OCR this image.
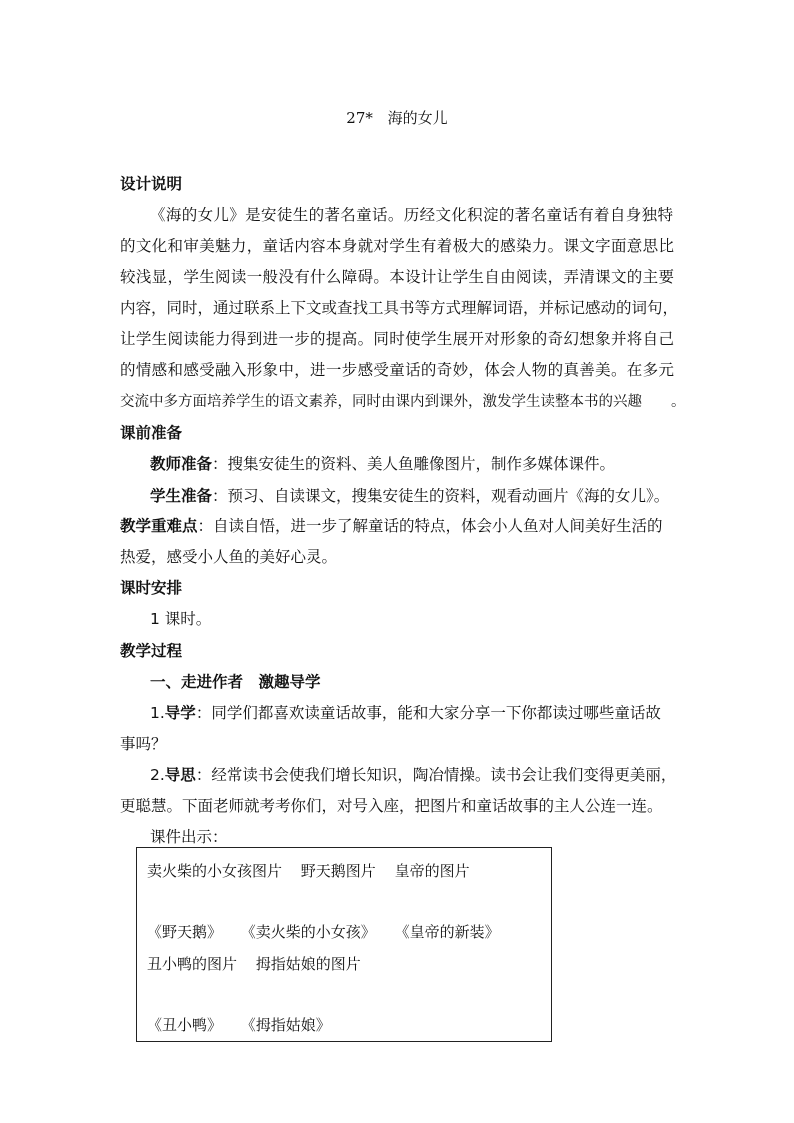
27* 海的女儿
设计说明
《海的女儿》是安徒生的著名童话。历经文化积淀的著名童话有着自身独特
的文化和审美魅力，童话内容本身就对学生有着极大的感染力。课文字面意思比
较浅显，学生阅读一般没有什么障碍。本设计让学生自由阅读，弄清课文的主要
内容，同时，通过联系上下文或查找工具书等方式理解词语，并标记感动的词句，
让学生阅读能力得到进一步的提高。同时使学生展开对形象的奇幻想象并将自己
的情感和感受融入形象中，进一步感受童话的奇妙，体会人物的真善美。在多元
交流中多方面培养学生的语文素养，同时由课内到课外，激发学生读整本书的兴趣　　。
课前准备
教师准备：搜集安徒生的资料、美人鱼雕像图片，制作多媒体课件。
学生准备：预习、自读课文，搜集安徒生的资料，观看动画片《海的女儿》。
教学重难点：自读自悟，进一步了解童话的特点，体会小人鱼对人间美好生活的
热爱，感受小人鱼的美好心灵。
课时安排
1 课时。
教学过程
一、走进作者　激趣导学
1.导学：同学们都喜欢读童话故事，能和大家分享一下你都读过哪些童话故
事吗？
2.导思：经常读书会使我们增长知识，陶冶情操。读书会让我们变得更美丽，
更聪慧。下面老师就考考你们，对号入座，把图片和童话故事的主人公连一连。
课件出示：
卖火柴的小女孩图片 野天鹅图片 皇帝的图片
《野天鹅》 《卖火柴的小女孩》 《皇帝的新装》
丑小鸭的图片 拇指姑娘的图片
《丑小鸭》 《拇指姑娘》
